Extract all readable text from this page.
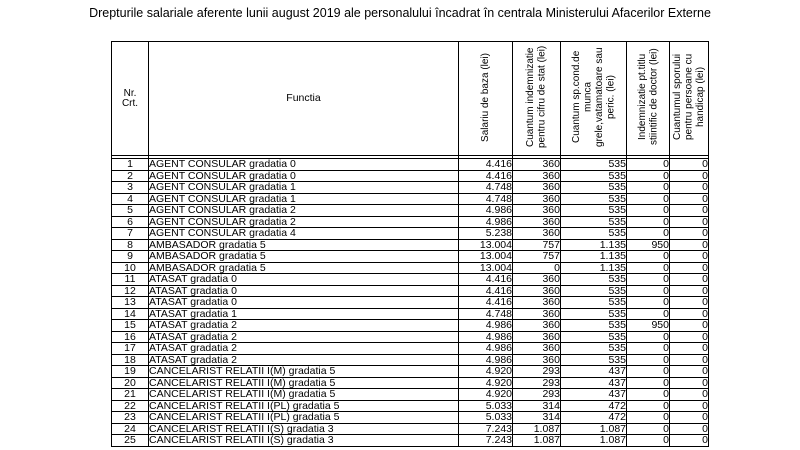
Drepturile salariale aferente lunii august 2019 ale personalului încadrat în centrala Ministerului Afacerilor Externe
Nr. Crt.	Functia	Salariu de baza (lei)	Cuantum indemnizatie pentru cifru de stat (lei)	Cuantum sp.cond.de munca grele,vatamatoare sau peric. (lei)	Indemnizatie pt.titlu stiintific de doctor (lei)	Cuantumul sporului pentru persoane cu handicap (lei)

1	AGENT CONSULAR gradatia 0	4.416	360	535	0	0
2	AGENT CONSULAR gradatia 0	4.416	360	535	0	0
3	AGENT CONSULAR gradatia 1	4.748	360	535	0	0
4	AGENT CONSULAR gradatia 1	4.748	360	535	0	0
5	AGENT CONSULAR gradatia 2	4.986	360	535	0	0
6	AGENT CONSULAR gradatia 2	4.986	360	535	0	0
7	AGENT CONSULAR gradatia 4	5.238	360	535	0	0
8	AMBASADOR gradatia 5	13.004	757	1.135	950	0
9	AMBASADOR gradatia 5	13.004	757	1.135	0	0
10	AMBASADOR gradatia 5	13.004	0	1.135	0	0
11	ATASAT gradatia 0	4.416	360	535	0	0
12	ATASAT gradatia 0	4.416	360	535	0	0
13	ATASAT gradatia 0	4.416	360	535	0	0
14	ATASAT gradatia 1	4.748	360	535	0	0
15	ATASAT gradatia 2	4.986	360	535	950	0
16	ATASAT gradatia 2	4.986	360	535	0	0
17	ATASAT gradatia 2	4.986	360	535	0	0
18	ATASAT gradatia 2	4.986	360	535	0	0
19	CANCELARIST RELATII I(M) gradatia 5	4.920	293	437	0	0
20	CANCELARIST RELATII I(M) gradatia 5	4.920	293	437	0	0
21	CANCELARIST RELATII I(M) gradatia 5	4.920	293	437	0	0
22	CANCELARIST RELATII I(PL) gradatia 5	5.033	314	472	0	0
23	CANCELARIST RELATII I(PL) gradatia 5	5.033	314	472	0	0
24	CANCELARIST RELATII I(S) gradatia 3	7.243	1.087	1.087	0	0
25	CANCELARIST RELATII I(S) gradatia 3	7.243	1.087	1.087	0	0
